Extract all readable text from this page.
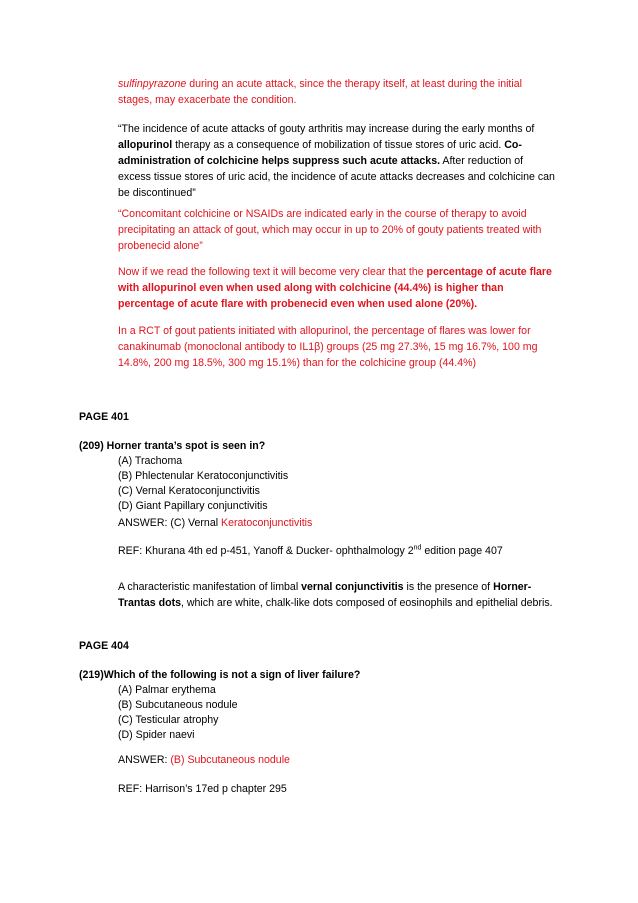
sulfinpyrazone during an acute attack, since the therapy itself, at least during the initial stages, may exacerbate the condition.

“The incidence of acute attacks of gouty arthritis may increase during the early months of allopurinol therapy as a consequence of mobilization of tissue stores of uric acid. Co-administration of colchicine helps suppress such acute attacks. After reduction of excess tissue stores of uric acid, the incidence of acute attacks decreases and colchicine can be discontinued”

“Concomitant colchicine or NSAIDs are indicated early in the course of therapy to avoid precipitating an attack of gout, which may occur in up to 20% of gouty patients treated with probenecid alone”

Now if we read the following text it will become very clear that the percentage of acute flare with allopurinol even when used along with colchicine (44.4%) is higher than percentage of acute flare with probenecid even when used alone (20%).

In a RCT of gout patients initiated with allopurinol, the percentage of flares was lower for canakinumab (monoclonal antibody to IL1β) groups (25 mg 27.3%, 15 mg 16.7%, 100 mg 14.8%, 200 mg 18.5%, 300 mg 15.1%) than for the colchicine group (44.4%)

PAGE 401

(209) Horner tranta’s spot is seen in?

(A) Trachoma

(B) Phlectenular Keratoconjunctivitis

(C) Vernal Keratoconjunctivitis

(D) Giant Papillary conjunctivitis

ANSWER: (C) Vernal Keratoconjunctivitis

REF: Khurana 4th ed p-451, Yanoff & Ducker- ophthalmology 2nd edition page 407

A characteristic manifestation of limbal vernal conjunctivitis is the presence of Horner-Trantas dots, which are white, chalk-like dots composed of eosinophils and epithelial debris.

PAGE 404

(219)Which of the following is not a sign of liver failure?

(A) Palmar erythema

(B) Subcutaneous nodule

(C) Testicular atrophy

(D) Spider naevi

ANSWER: (B) Subcutaneous nodule

REF: Harrison’s 17ed p chapter 295
